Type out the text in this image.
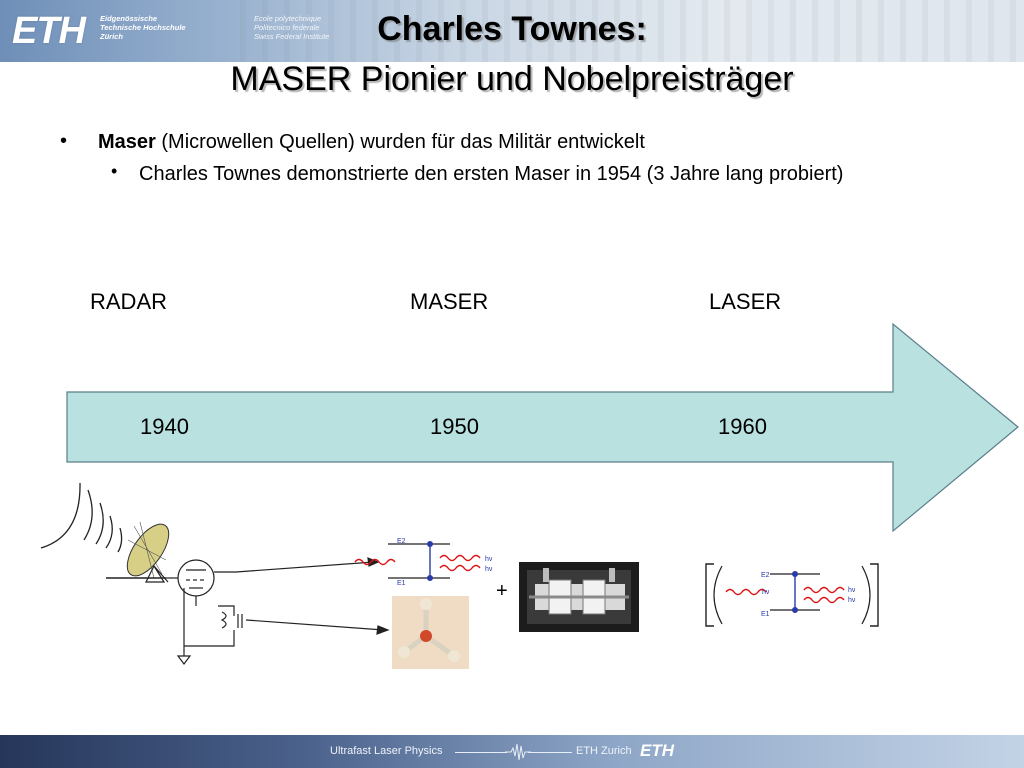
ETH Eidgenössische
Technische Hochschule
Zürich
Ecole polytechnique
Politecnico federale
Swiss Federal Institute	Charles Townes:
MASER Pionier und Nobelpreisträger
• Maser (Microwellen Quellen) wurden für das Militär entwickelt
• Charles Townes demonstrierte den ersten Maser in 1954 (3 Jahre lang probiert)
RADAR	MASER	LASER
1940	1950	1960
E2
E1
hν
hν
+
E2
E1
hν	hν
hν
Ultrafast Laser Physics	ETH Zurich ETH
